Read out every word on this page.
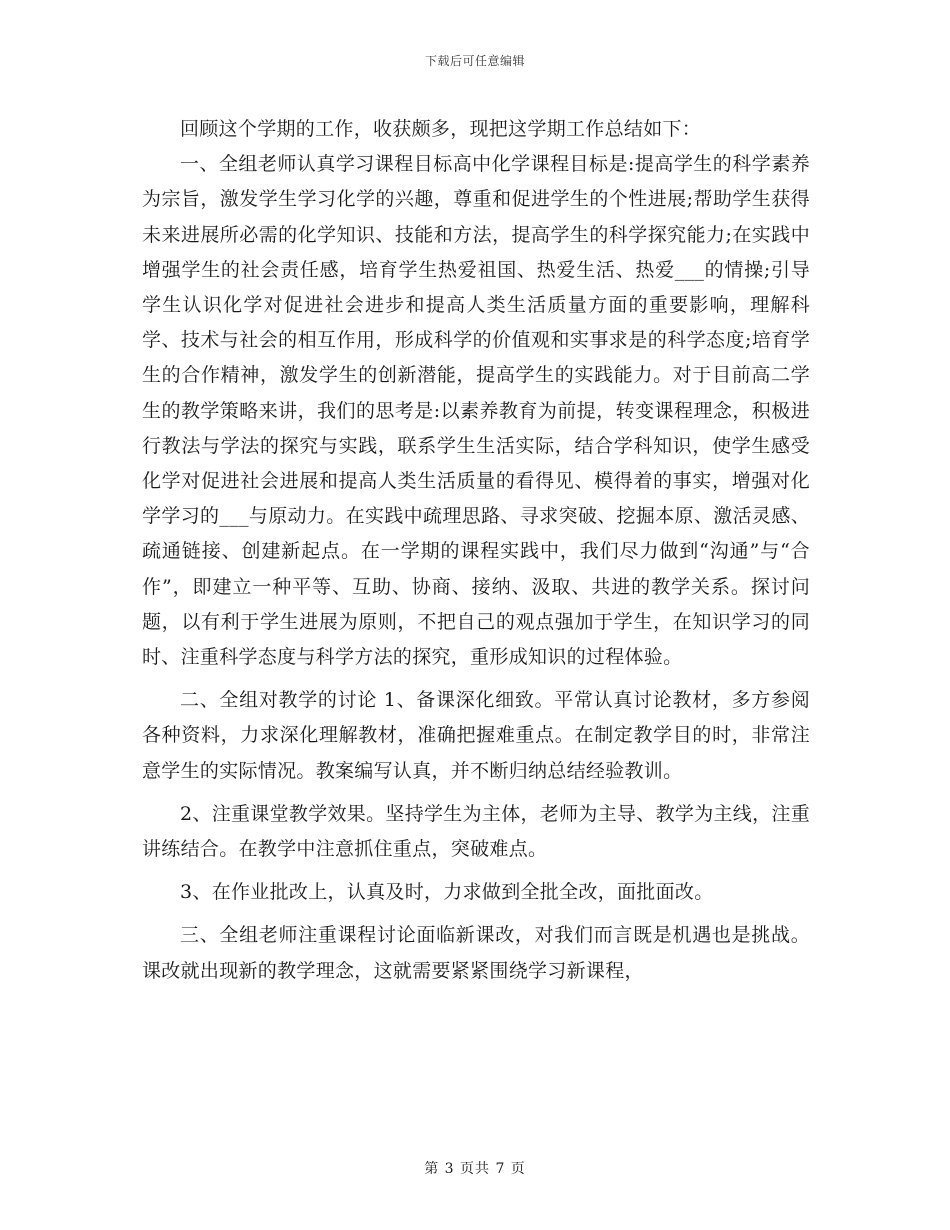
下载后可任意编辑

回顾这个学期的工作，收获颇多，现把这学期工作总结如下：

一、全组老师认真学习课程目标高中化学课程目标是:提高学生的科学素养为宗旨，激发学生学习化学的兴趣，尊重和促进学生的个性进展;帮助学生获得未来进展所必需的化学知识、技能和方法，提高学生的科学探究能力;在实践中增强学生的社会责任感，培育学生热爱祖国、热爱生活、热爱___的情操;引导学生认识化学对促进社会进步和提高人类生活质量方面的重要影响，理解科学、技术与社会的相互作用，形成科学的价值观和实事求是的科学态度;培育学生的合作精神，激发学生的创新潜能，提高学生的实践能力。对于目前高二学生的教学策略来讲，我们的思考是:以素养教育为前提，转变课程理念，积极进行教法与学法的探究与实践，联系学生生活实际，结合学科知识，使学生感受化学对促进社会进展和提高人类生活质量的看得见、模得着的事实，增强对化学学习的___与原动力。在实践中疏理思路、寻求突破、挖掘本原、激活灵感、疏通链接、创建新起点。在一学期的课程实践中，我们尽力做到“沟通”与“合作”，即建立一种平等、互助、协商、接纳、汲取、共进的教学关系。探讨问题，以有利于学生进展为原则，不把自己的观点强加于学生，在知识学习的同时、注重科学态度与科学方法的探究，重形成知识的过程体验。

二、全组对教学的讨论 1、备课深化细致。平常认真讨论教材，多方参阅各种资料，力求深化理解教材，准确把握难重点。在制定教学目的时，非常注意学生的实际情况。教案编写认真，并不断归纳总结经验教训。

2、注重课堂教学效果。坚持学生为主体，老师为主导、教学为主线，注重讲练结合。在教学中注意抓住重点，突破难点。

3、在作业批改上，认真及时，力求做到全批全改，面批面改。

三、全组老师注重课程讨论面临新课改，对我们而言既是机遇也是挑战。课改就出现新的教学理念，这就需要紧紧围绕学习新课程，

第 3 页共 7 页
